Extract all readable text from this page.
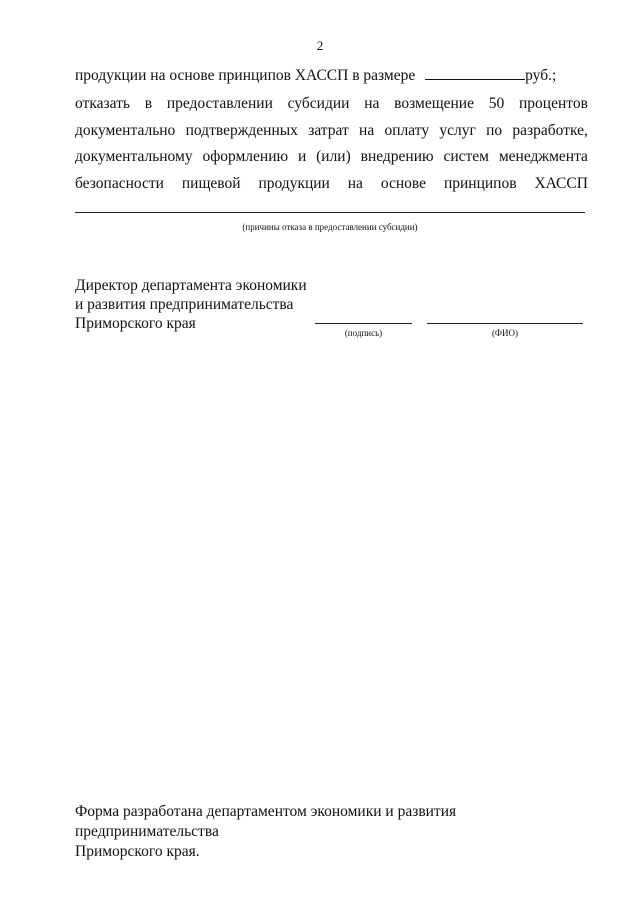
2
продукции на основе принципов ХАССП в размере	руб.;
отказать в предоставлении субсидии на возмещение 50 процентов
документально подтвержденных затрат на оплату услуг по разработке,
документальному оформлению и (или) внедрению систем менеджмента
безопасности пищевой продукции на основе принципов ХАССП
(причины отказа в предоставлении субсидии)
Директор департамента экономики
и развития предпринимательства
Приморского края
(подпись)	(ФИО)
Форма разработана департаментом экономики и развития предпринимательства
Приморского края.
